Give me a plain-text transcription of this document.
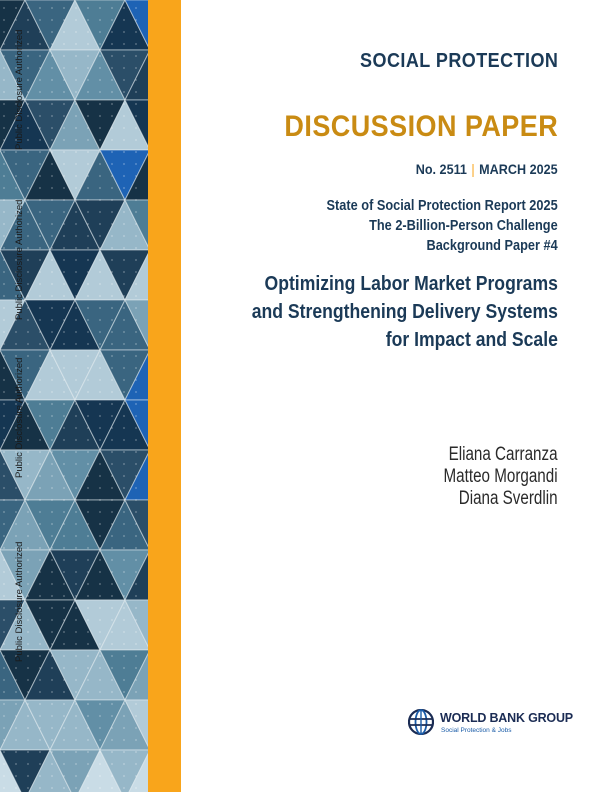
Public Disclosure Authorized
Public Disclosure Authorized
Public Disclosure Authorized
Public Disclosure Authorized
SOCIAL PROTECTION
DISCUSSION PAPER
No. 2511 | MARCH 2025
State of Social Protection Report 2025
The 2-Billion-Person Challenge
Background Paper #4
Optimizing Labor Market Programs
and Strengthening Delivery Systems
for Impact and Scale
Eliana Carranza
Matteo Morgandi
Diana Sverdlin
WORLD BANK GROUP
Social Protection & Jobs
